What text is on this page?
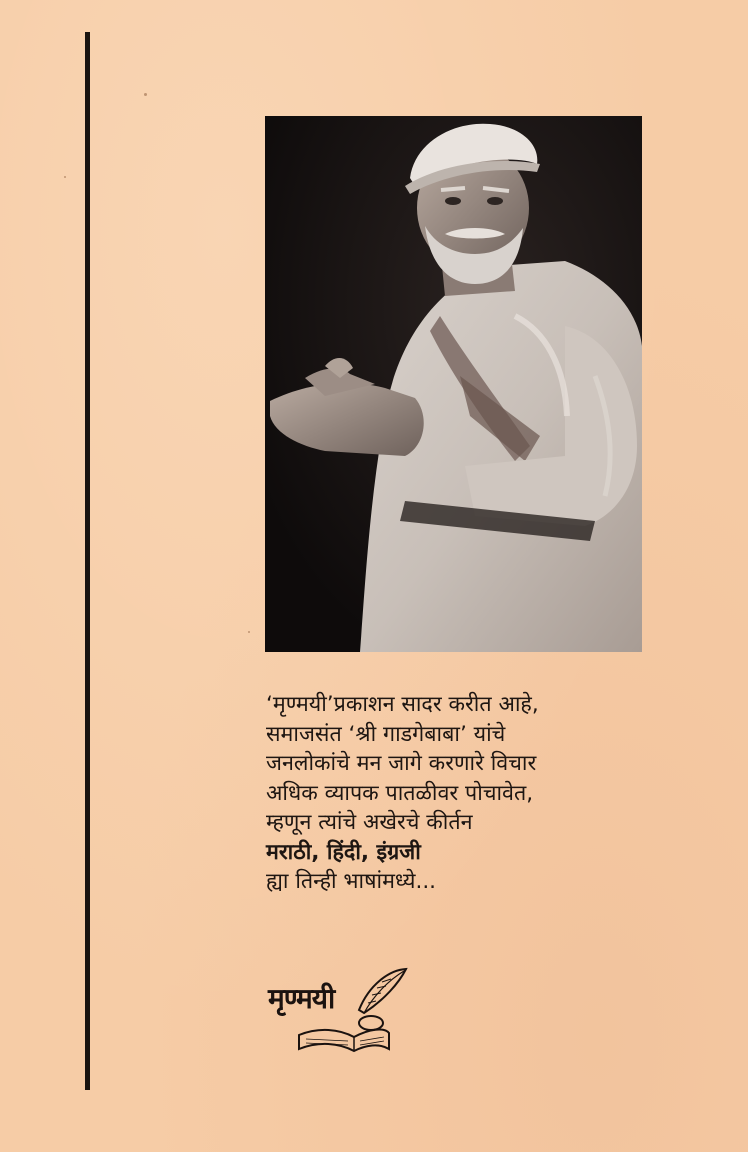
‘मृण्मयी’प्रकाशन सादर करीत आहे,
समाजसंत ‘श्री गाडगेबाबा’ यांचे
जनलोकांचे मन जागे करणारे विचार
अधिक व्यापक पातळीवर पोचावेत,
म्हणून त्यांचे अखेरचे कीर्तन
मराठी, हिंदी, इंग्रजी
ह्या तिन्ही भाषांमध्ये...
मृण्मयी
